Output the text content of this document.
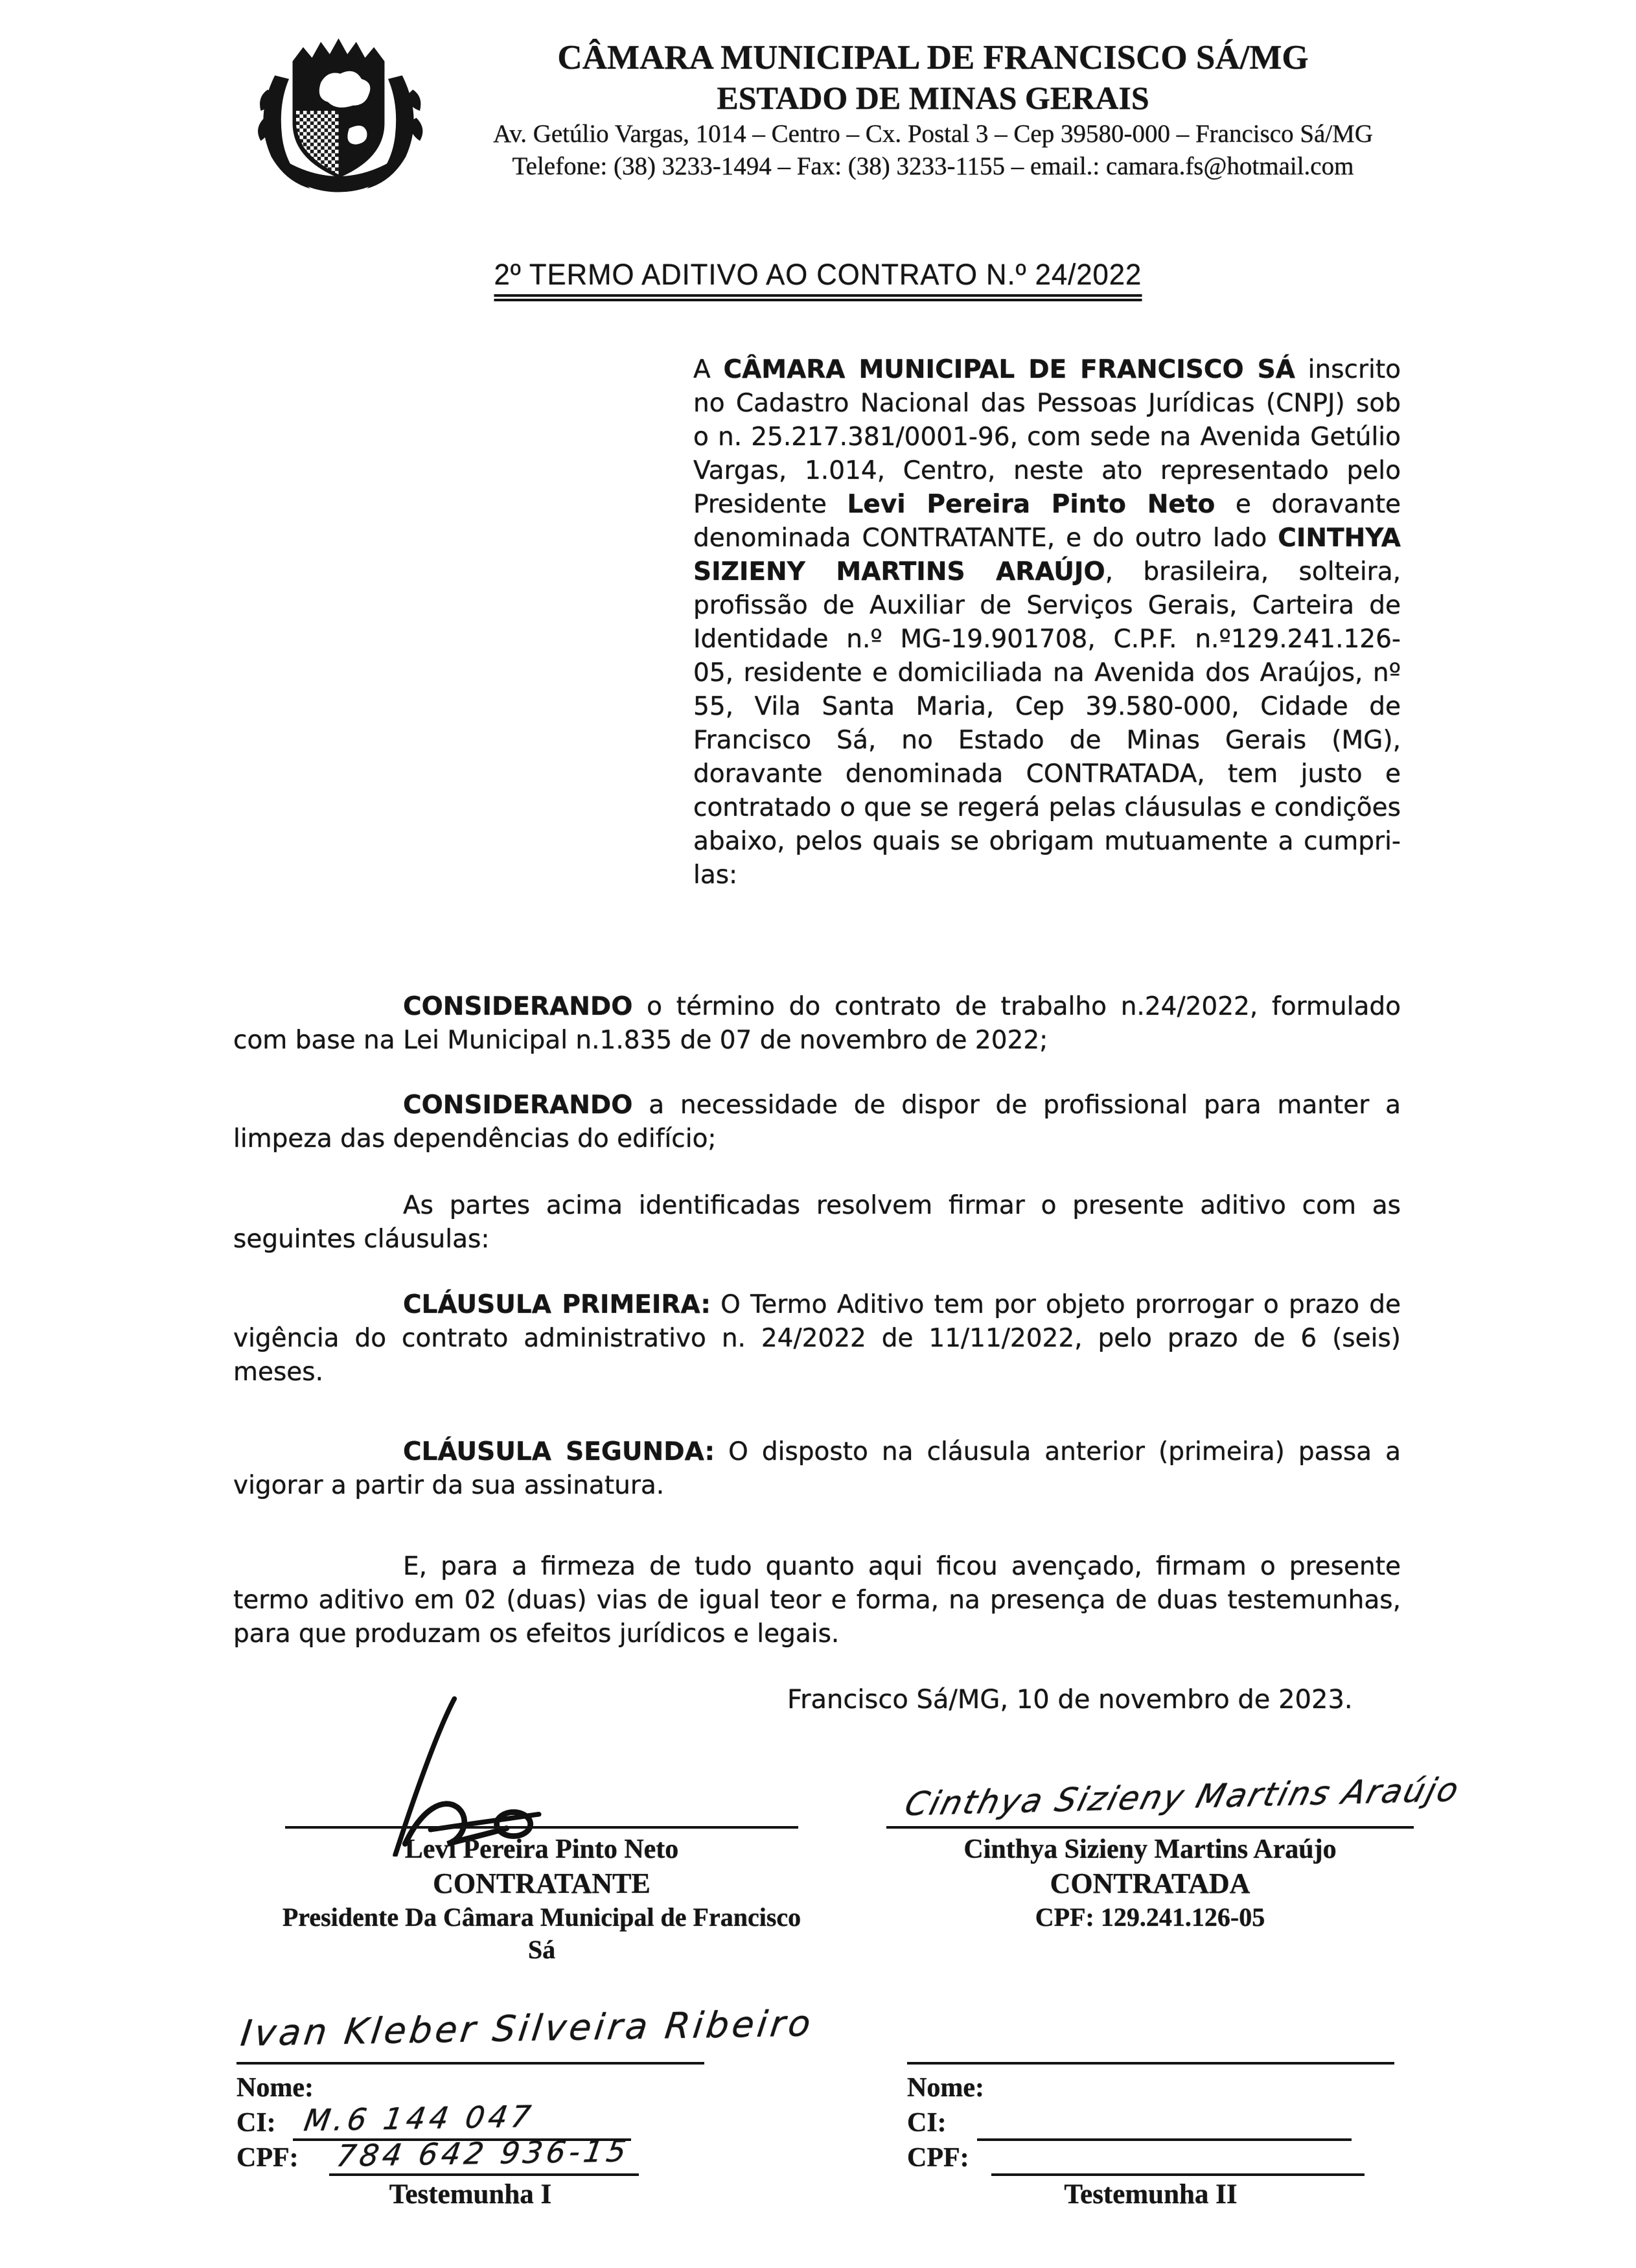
CÂMARA MUNICIPAL DE FRANCISCO SÁ/MG
ESTADO DE MINAS GERAIS
Av. Getúlio Vargas, 1014 – Centro – Cx. Postal 3 – Cep 39580-000 – Francisco Sá/MG
Telefone: (38) 3233-1494 – Fax: (38) 3233-1155 – email.: camara.fs@hotmail.com
2º TERMO ADITIVO AO CONTRATO N.º 24/2022
A CÂMARA MUNICIPAL DE FRANCISCO SÁ inscrito no Cadastro Nacional das Pessoas Jurídicas (CNPJ) sob o n. 25.217.381/0001-96, com sede na Avenida Getúlio Vargas, 1.014, Centro, neste ato representado pelo Presidente Levi Pereira Pinto Neto e doravante denominada CONTRATANTE, e do outro lado CINTHYA SIZIENY MARTINS ARAÚJO, brasileira, solteira, profissão de Auxiliar de Serviços Gerais, Carteira de Identidade n.º MG-19.901708, C.P.F. n.º129.241.126-05, residente e domiciliada na Avenida dos Araújos, nº 55, Vila Santa Maria, Cep 39.580-000, Cidade de Francisco Sá, no Estado de Minas Gerais (MG), doravante denominada CONTRATADA, tem justo e contratado o que se regerá pelas cláusulas e condições abaixo, pelos quais se obrigam mutuamente a cumpri-las:
CONSIDERANDO o término do contrato de trabalho n.24/2022, formulado com base na Lei Municipal n.1.835 de 07 de novembro de 2022;
CONSIDERANDO a necessidade de dispor de profissional para manter a limpeza das dependências do edifício;
As partes acima identificadas resolvem firmar o presente aditivo com as seguintes cláusulas:
CLÁUSULA PRIMEIRA: O Termo Aditivo tem por objeto prorrogar o prazo de vigência do contrato administrativo n. 24/2022 de 11/11/2022, pelo prazo de 6 (seis) meses.
CLÁUSULA SEGUNDA: O disposto na cláusula anterior (primeira) passa a vigorar a partir da sua assinatura.
E, para a firmeza de tudo quanto aqui ficou avençado, firmam o presente termo aditivo em 02 (duas) vias de igual teor e forma, na presença de duas testemunhas, para que produzam os efeitos jurídicos e legais.
Francisco Sá/MG, 10 de novembro de 2023.
Levi Pereira Pinto Neto
CONTRATANTE
Presidente Da Câmara Municipal de Francisco Sá
Cinthya Sizieny Martins Araújo
Cinthya Sizieny Martins Araújo
CONTRATADA
CPF: 129.241.126-05
Ivan Kleber Silveira Ribeiro
Nome:
CI: M.6 144 047
CPF: 784 642 936-15
Testemunha I
Nome:
CI:
CPF:
Testemunha II
